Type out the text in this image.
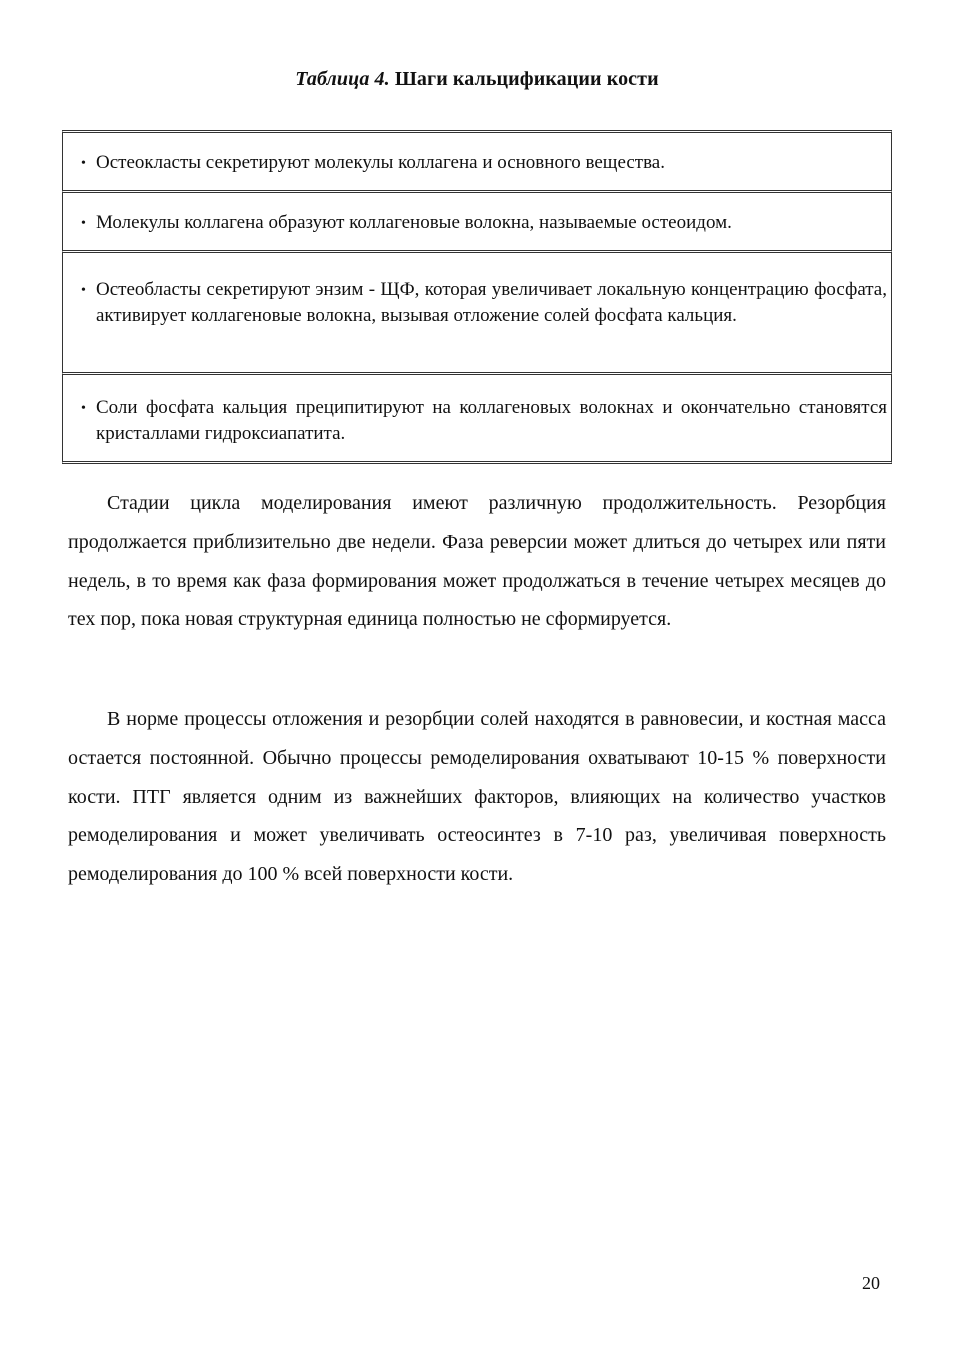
Таблица 4. Шаги кальцификации кости
• Остеокласты секретируют молекулы коллагена и основного вещества.
• Молекулы коллагена образуют коллагеновые волокна, называемые остеоидом.
• Остеобласты секретируют энзим - ЩФ, которая увеличивает локальную концентрацию фосфата, активирует коллагеновые волокна, вызывая отложение солей фосфата кальция.
• Соли фосфата кальция преципитируют на коллагеновых волокнах и окончательно становятся кристаллами гидроксиапатита.

Стадии цикла моделирования имеют различную продолжительность. Резорбция продолжается приблизительно две недели. Фаза реверсии может длиться до четырех или пяти недель, в то время как фаза формирования может продолжаться в течение четырех месяцев до тех пор, пока новая структурная единица полностью не сформируется.

В норме процессы отложения и резорбции солей находятся в равновесии, и костная масса остается постоянной. Обычно процессы ремоделирования охватывают 10-15 % поверхности кости. ПТГ является одним из важнейших факторов, влияющих на количество участков ремоделирования и может увеличивать остеосинтез в 7-10 раз, увеличивая поверхность ремоделирования до 100 % всей поверхности кости.

20
